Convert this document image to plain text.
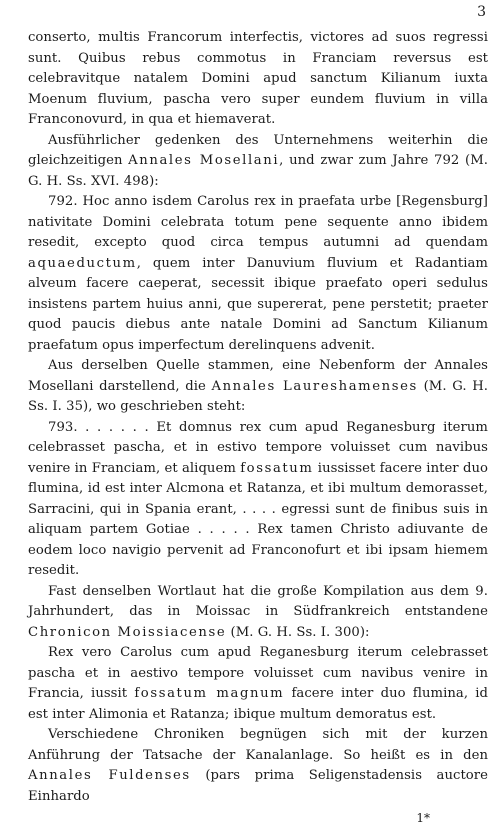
3

conserto, multis Francorum interfectis, victores ad suos regressi sunt. Quibus rebus commotus in Franciam reversus est celebravitque natalem Domini apud sanctum Kilianum iuxta Moenum fluvium, pascha vero super eundem fluvium in villa Franconovurd, in qua et hiemaverat.

Ausführlicher gedenken des Unternehmens weiterhin die gleichzeitigen Annales Mosellani, und zwar zum Jahre 792 (M. G. H. Ss. XVI. 498):

792. Hoc anno isdem Carolus rex in praefata urbe [Regensburg] nativitate Domini celebrata totum pene sequente anno ibidem resedit, excepto quod circa tempus autumni ad quendam aquaeductum, quem inter Danuvium fluvium et Radantiam alveum facere caeperat, secessit ibique praefato operi sedulus insistens partem huius anni, que supererat, pene perstetit; praeter quod paucis diebus ante natale Domini ad Sanctum Kilianum praefatum opus imperfectum derelinquens advenit.

Aus derselben Quelle stammen, eine Nebenform der Annales Mosellani darstellend, die Annales Laureshamenses (M. G. H. Ss. I. 35), wo geschrieben steht:

793. . . . . . . Et domnus rex cum apud Reganesburg iterum celebrasset pascha, et in estivo tempore voluisset cum navibus venire in Franciam, et aliquem fossatum iussisset facere inter duo flumina, id est inter Alcmona et Ratanza, et ibi multum demorasset, Sarracini, qui in Spania erant, . . . . egressi sunt de finibus suis in aliquam partem Gotiae . . . . . Rex tamen Christo adiuvante de eodem loco navigio pervenit ad Franconofurt et ibi ipsam hiemem resedit.

Fast denselben Wortlaut hat die große Kompilation aus dem 9. Jahrhundert, das in Moissac in Südfrankreich entstandene Chronicon Moissiacense (M. G. H. Ss. I. 300):

Rex vero Carolus cum apud Reganesburg iterum celebrasset pascha et in aestivo tempore voluisset cum navibus venire in Francia, iussit fossatum magnum facere inter duo flumina, id est inter Alimonia et Ratanza; ibique multum demoratus est.

Verschiedene Chroniken begnügen sich mit der kurzen Anführung der Tatsache der Kanalanlage. So heißt es in den Annales Fuldenses (pars prima Seligenstadensis auctore Einhardo

1*
